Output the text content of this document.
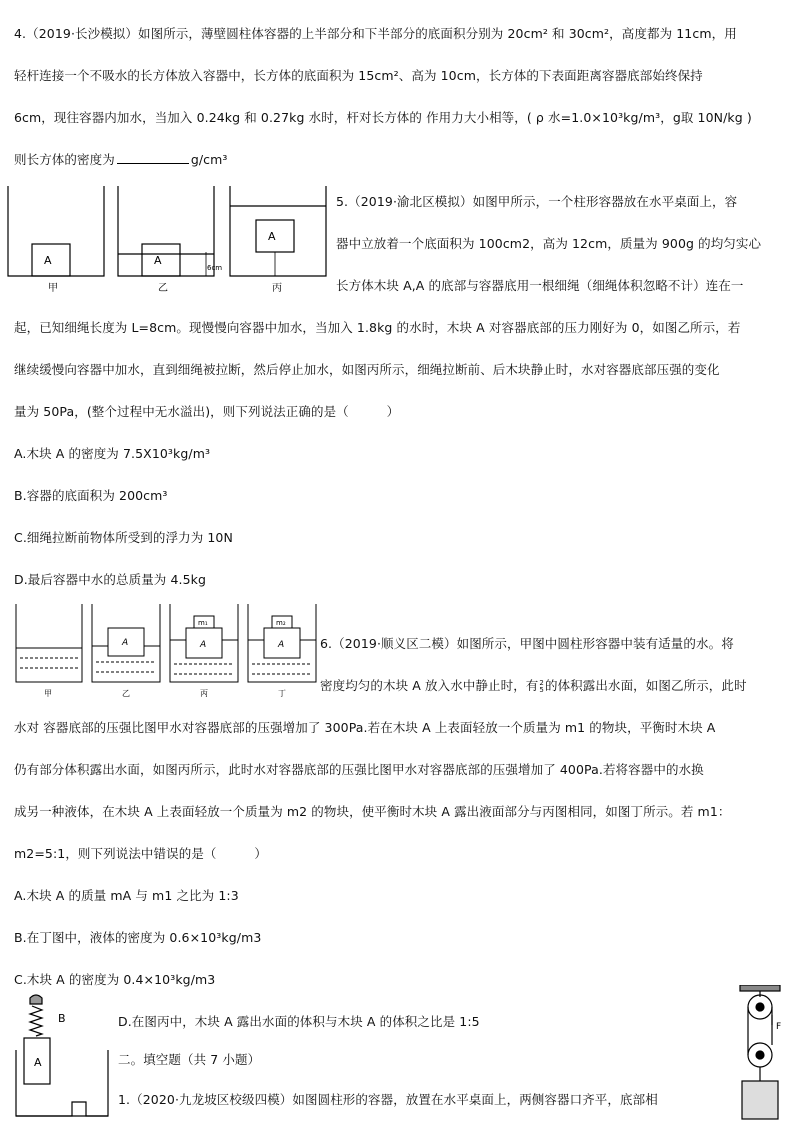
4.（2019·长沙模拟）如图所示，薄壁圆柱体容器的上半部分和下半部分的底面积分别为 20cm² 和 30cm²，高度都为 11cm，用
轻杆连接一个不吸水的长方体放入容器中，长方体的底面积为 15cm²、高为 10cm，长方体的下表面距离容器底部始终保持
6cm，现往容器内加水，当加入 0.24kg 和 0.27kg 水时，杆对长方体的 作用力大小相等，( ρ 水=1.0×10³kg/m³，g取 10N/kg )
则长方体的密度为	g/cm³
A
甲
A
6cm
乙
A
丙
5.（2019·渝北区模拟）如图甲所示，一个柱形容器放在水平桌面上，容
器中立放着一个底面积为 100cm2，高为 12cm，质量为 900g 的均匀实心
长方体木块 A,A 的底部与容器底用一根细绳（细绳体积忽略不计）连在一
起，已知细绳长度为 L=8cm。现慢慢向容器中加水，当加入 1.8kg 的水时，木块 A 对容器底部的压力刚好为 0，如图乙所示，若
继续缓慢向容器中加水，直到细绳被拉断，然后停止加水，如图丙所示，细绳拉断前、后木块静止时，水对容器底部压强的变化
量为 50Pa，(整个过程中无水溢出)，则下列说法正确的是（　　　）
A.木块 A 的密度为 7.5X10³kg/m³
B.容器的底面积为 200cm³
C.细绳拉断前物体所受到的浮力为 10N
D.最后容器中水的总质量为 4.5kg
A	A
m₁
A
m₂
甲	乙	丙	丁
6.（2019·顺义区二模）如图所示，甲图中圆柱形容器中装有适量的水。将
密度均匀的木块 A 放入水中静止时，有2
5的体积露出水面，如图乙所示，此时
水对 容器底部的压强比图甲水对容器底部的压强增加了 300Pa.若在木块 A 上表面轻放一个质量为 m1 的物块，平衡时木块 A
仍有部分体积露出水面，如图丙所示，此时水对容器底部的压强比图甲水对容器底部的压强增加了 400Pa.若将容器中的水换
成另一种液体，在木块 A 上表面轻放一个质量为 m2 的物块，使平衡时木块 A 露出液面部分与丙图相同，如图丁所示。若 m1：
m2=5:1，则下列说法中错误的是（　　　）
A.木块 A 的质量 mA 与 m1 之比为 1:3
B.在丁图中，液体的密度为 0.6×10³kg/m3
C.木块 A 的密度为 0.4×10³kg/m3
D.在图丙中，木块 A 露出水面的体积与木块 A 的体积之比是 1:5
B
A
F
二。填空题（共 7 小题）
1.（2020·九龙坡区校级四模）如图圆柱形的容器，放置在水平桌面上，两侧容器口齐平，底部相
